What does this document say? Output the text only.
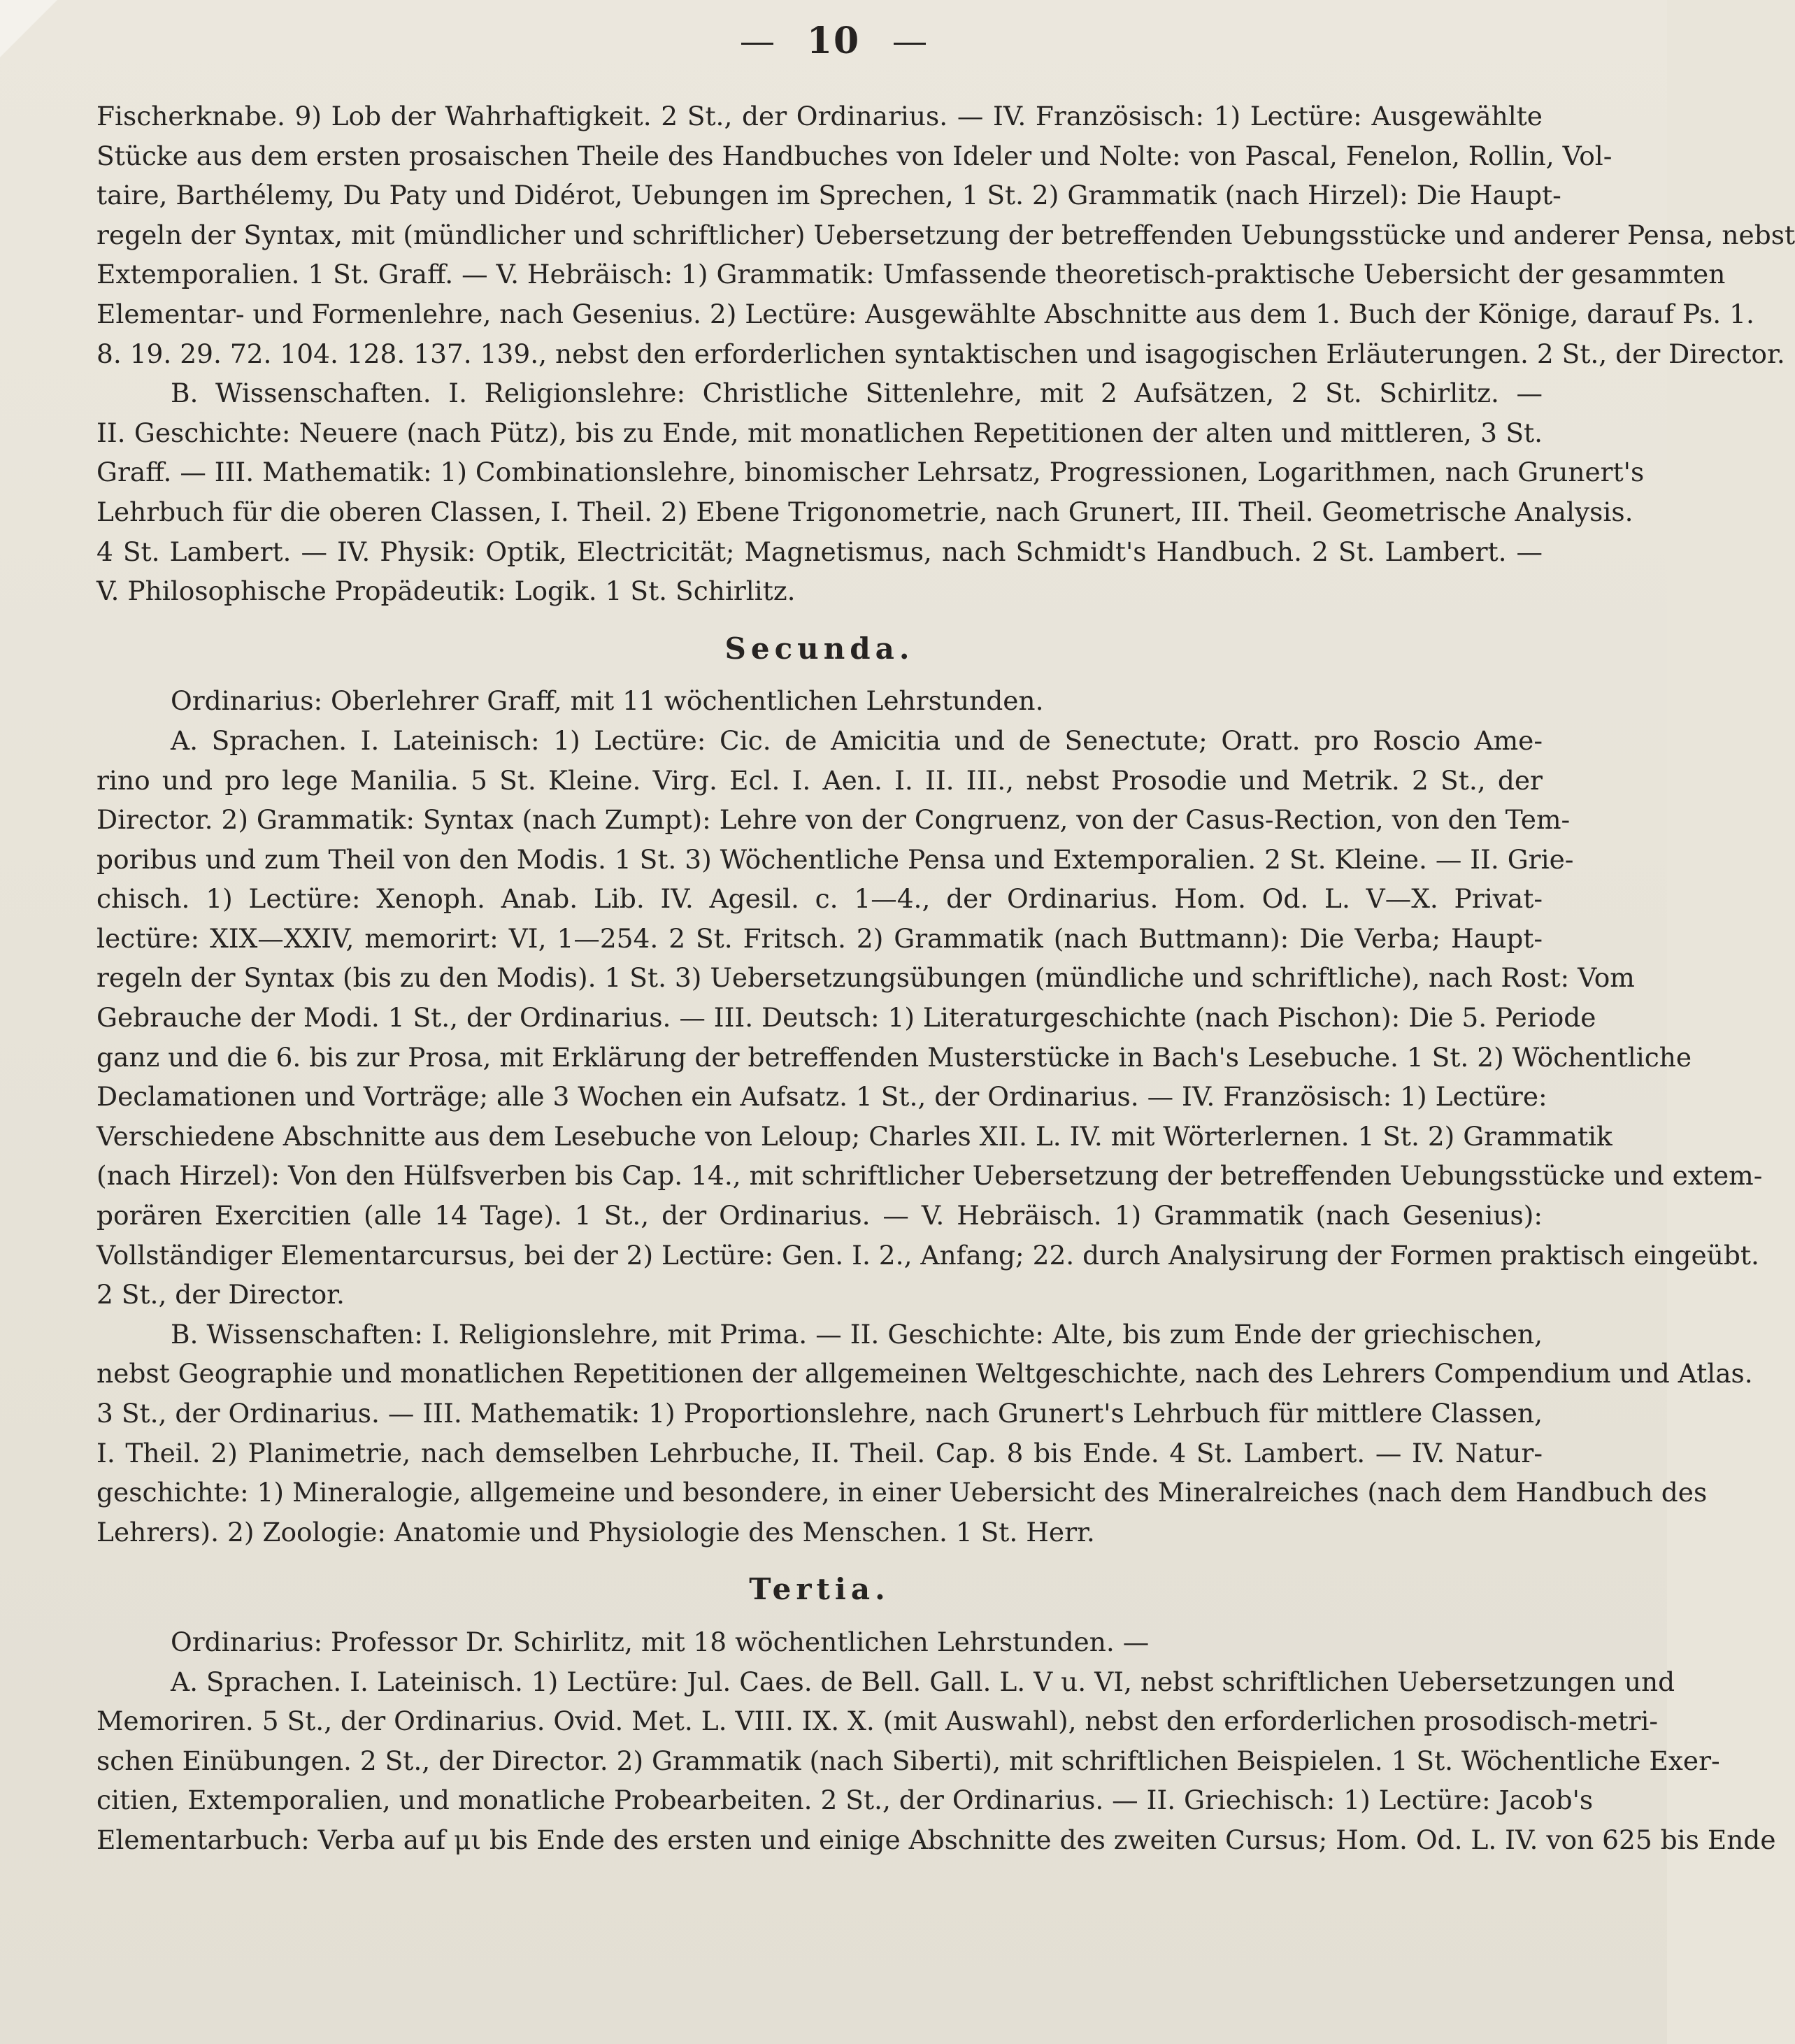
10
Fischerknabe. 9) Lob der Wahrhaftigkeit. 2 St., der Ordinarius. — IV. Französisch: 1) Lectüre: Ausgewählte
Stücke aus dem ersten prosaischen Theile des Handbuches von Ideler und Nolte: von Pascal, Fenelon, Rollin, Vol-
taire, Barthélemy, Du Paty und Didérot, Uebungen im Sprechen, 1 St. 2) Grammatik (nach Hirzel): Die Haupt-
regeln der Syntax, mit (mündlicher und schriftlicher) Uebersetzung der betreffenden Uebungsstücke und anderer Pensa, nebst
Extemporalien. 1 St. Graff. — V. Hebräisch: 1) Grammatik: Umfassende theoretisch-praktische Uebersicht der gesammten
Elementar- und Formenlehre, nach Gesenius. 2) Lectüre: Ausgewählte Abschnitte aus dem 1. Buch der Könige, darauf Ps. 1.
8. 19. 29. 72. 104. 128. 137. 139., nebst den erforderlichen syntaktischen und isagogischen Erläuterungen. 2 St., der Director.
B. Wissenschaften. I. Religionslehre: Christliche Sittenlehre, mit 2 Aufsätzen, 2 St. Schirlitz. —
II. Geschichte: Neuere (nach Pütz), bis zu Ende, mit monatlichen Repetitionen der alten und mittleren, 3 St.
Graff. — III. Mathematik: 1) Combinationslehre, binomischer Lehrsatz, Progressionen, Logarithmen, nach Grunert's
Lehrbuch für die oberen Classen, I. Theil. 2) Ebene Trigonometrie, nach Grunert, III. Theil. Geometrische Analysis.
4 St. Lambert. — IV. Physik: Optik, Electricität; Magnetismus, nach Schmidt's Handbuch. 2 St. Lambert. —
V. Philosophische Propädeutik: Logik. 1 St. Schirlitz.
Secunda.
Ordinarius: Oberlehrer Graff, mit 11 wöchentlichen Lehrstunden.
A. Sprachen. I. Lateinisch: 1) Lectüre: Cic. de Amicitia und de Senectute; Oratt. pro Roscio Ame-
rino und pro lege Manilia. 5 St. Kleine. Virg. Ecl. I. Aen. I. II. III., nebst Prosodie und Metrik. 2 St., der
Director. 2) Grammatik: Syntax (nach Zumpt): Lehre von der Congruenz, von der Casus-Rection, von den Tem-
poribus und zum Theil von den Modis. 1 St. 3) Wöchentliche Pensa und Extemporalien. 2 St. Kleine. — II. Grie-
chisch. 1) Lectüre: Xenoph. Anab. Lib. IV. Agesil. c. 1—4., der Ordinarius. Hom. Od. L. V—X. Privat-
lectüre: XIX—XXIV, memorirt: VI, 1—254. 2 St. Fritsch. 2) Grammatik (nach Buttmann): Die Verba; Haupt-
regeln der Syntax (bis zu den Modis). 1 St. 3) Uebersetzungsübungen (mündliche und schriftliche), nach Rost: Vom
Gebrauche der Modi. 1 St., der Ordinarius. — III. Deutsch: 1) Literaturgeschichte (nach Pischon): Die 5. Periode
ganz und die 6. bis zur Prosa, mit Erklärung der betreffenden Musterstücke in Bach's Lesebuche. 1 St. 2) Wöchentliche
Declamationen und Vorträge; alle 3 Wochen ein Aufsatz. 1 St., der Ordinarius. — IV. Französisch: 1) Lectüre:
Verschiedene Abschnitte aus dem Lesebuche von Leloup; Charles XII. L. IV. mit Wörterlernen. 1 St. 2) Grammatik
(nach Hirzel): Von den Hülfsverben bis Cap. 14., mit schriftlicher Uebersetzung der betreffenden Uebungsstücke und extem-
porären Exercitien (alle 14 Tage). 1 St., der Ordinarius. — V. Hebräisch. 1) Grammatik (nach Gesenius):
Vollständiger Elementarcursus, bei der 2) Lectüre: Gen. I. 2., Anfang; 22. durch Analysirung der Formen praktisch eingeübt.
2 St., der Director.
B. Wissenschaften: I. Religionslehre, mit Prima. — II. Geschichte: Alte, bis zum Ende der griechischen,
nebst Geographie und monatlichen Repetitionen der allgemeinen Weltgeschichte, nach des Lehrers Compendium und Atlas.
3 St., der Ordinarius. — III. Mathematik: 1) Proportionslehre, nach Grunert's Lehrbuch für mittlere Classen,
I. Theil. 2) Planimetrie, nach demselben Lehrbuche, II. Theil. Cap. 8 bis Ende. 4 St. Lambert. — IV. Natur-
geschichte: 1) Mineralogie, allgemeine und besondere, in einer Uebersicht des Mineralreiches (nach dem Handbuch des
Lehrers). 2) Zoologie: Anatomie und Physiologie des Menschen. 1 St. Herr.
Tertia.
Ordinarius: Professor Dr. Schirlitz, mit 18 wöchentlichen Lehrstunden. —
A. Sprachen. I. Lateinisch. 1) Lectüre: Jul. Caes. de Bell. Gall. L. V u. VI, nebst schriftlichen Uebersetzungen und
Memoriren. 5 St., der Ordinarius. Ovid. Met. L. VIII. IX. X. (mit Auswahl), nebst den erforderlichen prosodisch-metri-
schen Einübungen. 2 St., der Director. 2) Grammatik (nach Siberti), mit schriftlichen Beispielen. 1 St. Wöchentliche Exer-
citien, Extemporalien, und monatliche Probearbeiten. 2 St., der Ordinarius. — II. Griechisch: 1) Lectüre: Jacob's
Elementarbuch: Verba auf μι bis Ende des ersten und einige Abschnitte des zweiten Cursus; Hom. Od. L. IV. von 625 bis Ende
